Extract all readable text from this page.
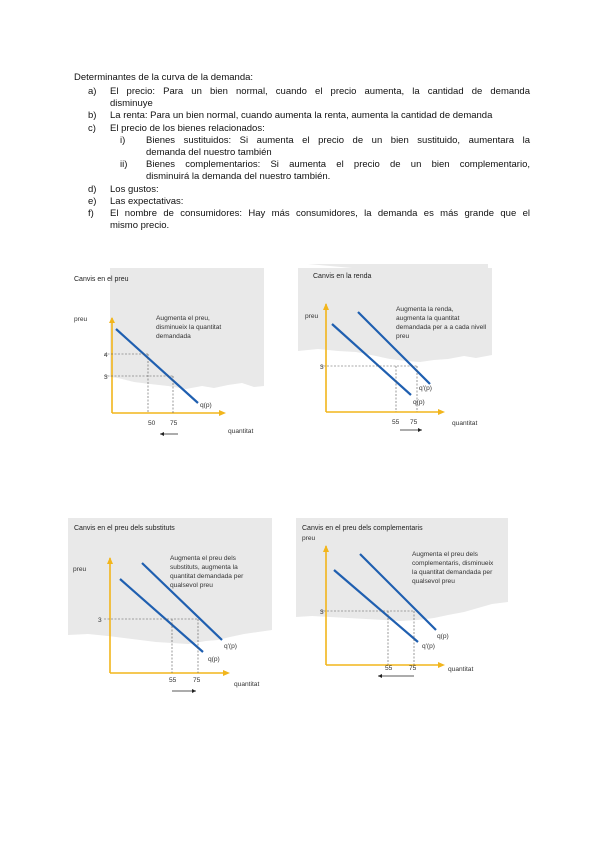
Determinantes de la curva de la demanda:
a) El precio: Para un bien normal, cuando el precio aumenta, la cantidad de demanda
disminuye
b) La renta: Para un bien normal, cuando aumenta la renta, aumenta la cantidad de demanda
c) El precio de los bienes relacionados:
i) Bienes sustituidos: Si aumenta el precio de un bien sustituido, aumentara la
demanda del nuestro también
ii) Bienes complementarios: Si aumenta el precio de un bien complementario,
disminuirá la demanda del nuestro también.
d) Los gustos:
e) Las expectativas:
f) El nombre de consumidores: Hay más consumidores, la demanda es más grande que el
mismo precio.
Canvis en el preu
preu
quantitat
Augmenta el preu,
disminueix la quantitat
demandada
4
3
50 75
q(p)
Canvis en la renda
preu
quantitat
Augmenta la renda,
augmenta la quantitat
demandada per a a cada nivell
preu
3
55 75
q'(p)
q(p)
Canvis en el preu dels substituts
preu
quantitat
Augmenta el preu dels
substituts, augmenta la
quantitat demandada per
qualsevol preu
3
55	75
q'(p)
q(p)
Canvis en el preu dels complementaris
preu
quantitat
Augmenta el preu dels
complementaris, disminueix
la quantitat demandada per
qualsevol preu
3
55	75
q(p)
q'(p)
